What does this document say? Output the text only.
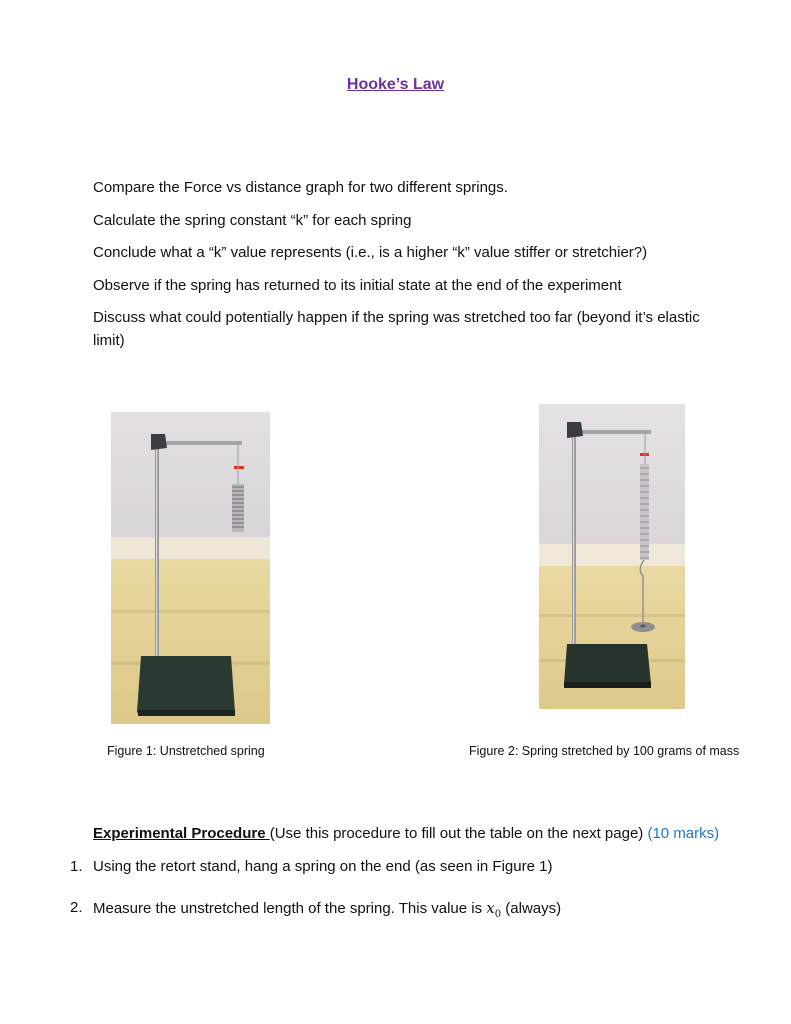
Hooke’s Law
Compare the Force vs distance graph for two different springs.
Calculate the spring constant “k” for each spring
Conclude what a “k” value represents (i.e., is a higher “k” value stiffer or stretchier?)
Observe if the spring has returned to its initial state at the end of the experiment
Discuss what could potentially happen if the spring was stretched too far (beyond it’s elastic limit)
Figure 1: Unstretched spring	Figure 2: Spring stretched by 100 grams of mass
Experimental Procedure (Use this procedure to fill out the table on the next page) (10 marks)
1. Using the retort stand, hang a spring on the end (as seen in Figure 1)
2. Measure the unstretched length of the spring. This value is $x_0$ (always)
